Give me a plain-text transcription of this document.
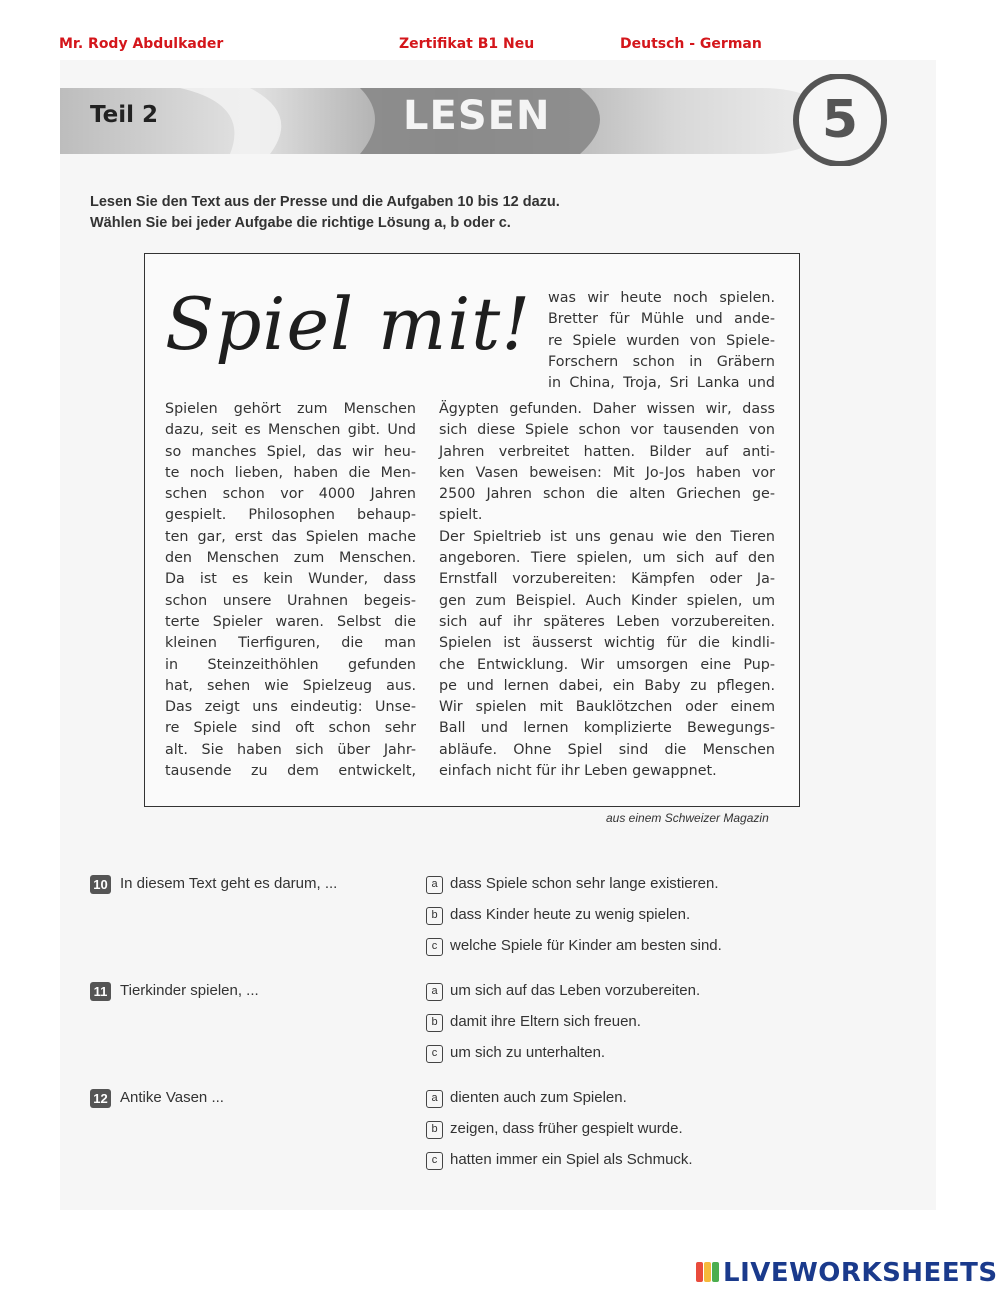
Mr. Rody Abdulkader	Zertifikat B1 Neu	Deutsch - German
Teil 2	LESEN	5
Lesen Sie den Text aus der Presse und die Aufgaben 10 bis 12 dazu.
Wählen Sie bei jeder Aufgabe die richtige Lösung a, b oder c.
Spiel mit! was wir heute noch spielen.
Bretter für Mühle und ande-
re Spiele wurden von Spiele-
Forschern schon in Gräbern
in China, Troja, Sri Lanka und
Spielen gehört zum Menschen
dazu, seit es Menschen gibt. Und
so manches Spiel, das wir heu-
te noch lieben, haben die Men-
schen schon vor 4000 Jahren
gespielt. Philosophen behaup-
ten gar, erst das Spielen mache
den Menschen zum Menschen.
Da ist es kein Wunder, dass
schon unsere Urahnen begeis-
terte Spieler waren. Selbst die
kleinen Tierfiguren, die man
in Steinzeithöhlen gefunden
hat, sehen wie Spielzeug aus.
Das zeigt uns eindeutig: Unse-
re Spiele sind oft schon sehr
alt. Sie haben sich über Jahr-
tausende zu dem entwickelt,
Ägypten gefunden. Daher wissen wir, dass
sich diese Spiele schon vor tausenden von
Jahren verbreitet hatten. Bilder auf anti-
ken Vasen beweisen: Mit Jo-Jos haben vor
2500 Jahren schon die alten Griechen ge-
spielt.
Der Spieltrieb ist uns genau wie den Tieren
angeboren. Tiere spielen, um sich auf den
Ernstfall vorzubereiten: Kämpfen oder Ja-
gen zum Beispiel. Auch Kinder spielen, um
sich auf ihr späteres Leben vorzubereiten.
Spielen ist äusserst wichtig für die kindli-
che Entwicklung. Wir umsorgen eine Pup-
pe und lernen dabei, ein Baby zu pflegen.
Wir spielen mit Bauklötzchen oder einem
Ball und lernen komplizierte Bewegungs-
abläufe. Ohne Spiel sind die Menschen
einfach nicht für ihr Leben gewappnet.
aus einem Schweizer Magazin
10 In diesem Text geht es darum, ...	a dass Spiele schon sehr lange existieren.
b dass Kinder heute zu wenig spielen.
c welche Spiele für Kinder am besten sind.
11 Tierkinder spielen, ...	a um sich auf das Leben vorzubereiten.
b damit ihre Eltern sich freuen.
c um sich zu unterhalten.
12 Antike Vasen ...	a dienten auch zum Spielen.
b zeigen, dass früher gespielt wurde.
c hatten immer ein Spiel als Schmuck.
LIVEWORKSHEETS
